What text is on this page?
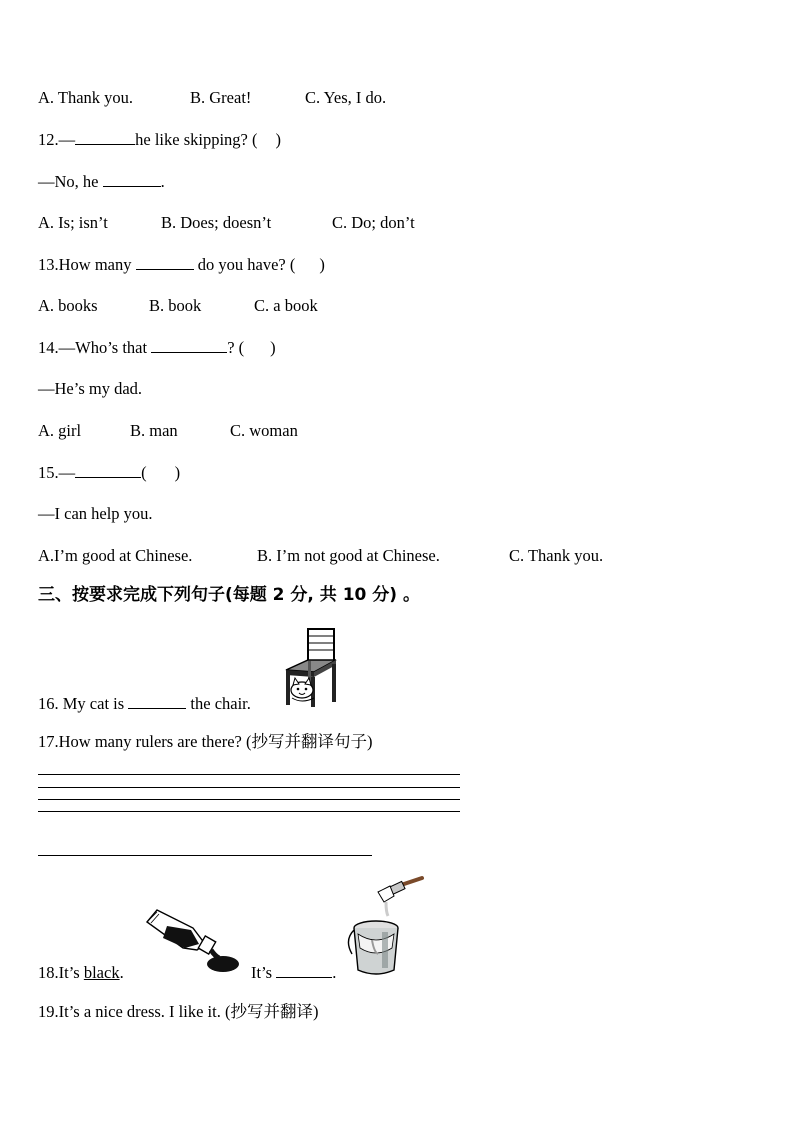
A. Thank you.	B. Great!	C. Yes, I do.
12.—	he like skipping? ( )
—No, he	.
A. Is; isn’t	B. Does; doesn’t	C. Do; don’t
13.How many	do you have? ( )
A. books	B. book	C. a book
14.—Who’s that	? ( )
—He’s my dad.
A. girl	B. man	C. woman
15.—	( )
—I can help you.
A.I’m good at Chinese.	B. I’m not good at Chinese.	C. Thank you.
三、按要求完成下列句子(每题 2 分, 共 10 分) 。
16. My cat is	the chair.
17.How many rulers are there? (抄写并翻译句子)
18.It’s black.	It’s	.
19.It’s a nice dress. I like it. (抄写并翻译)
